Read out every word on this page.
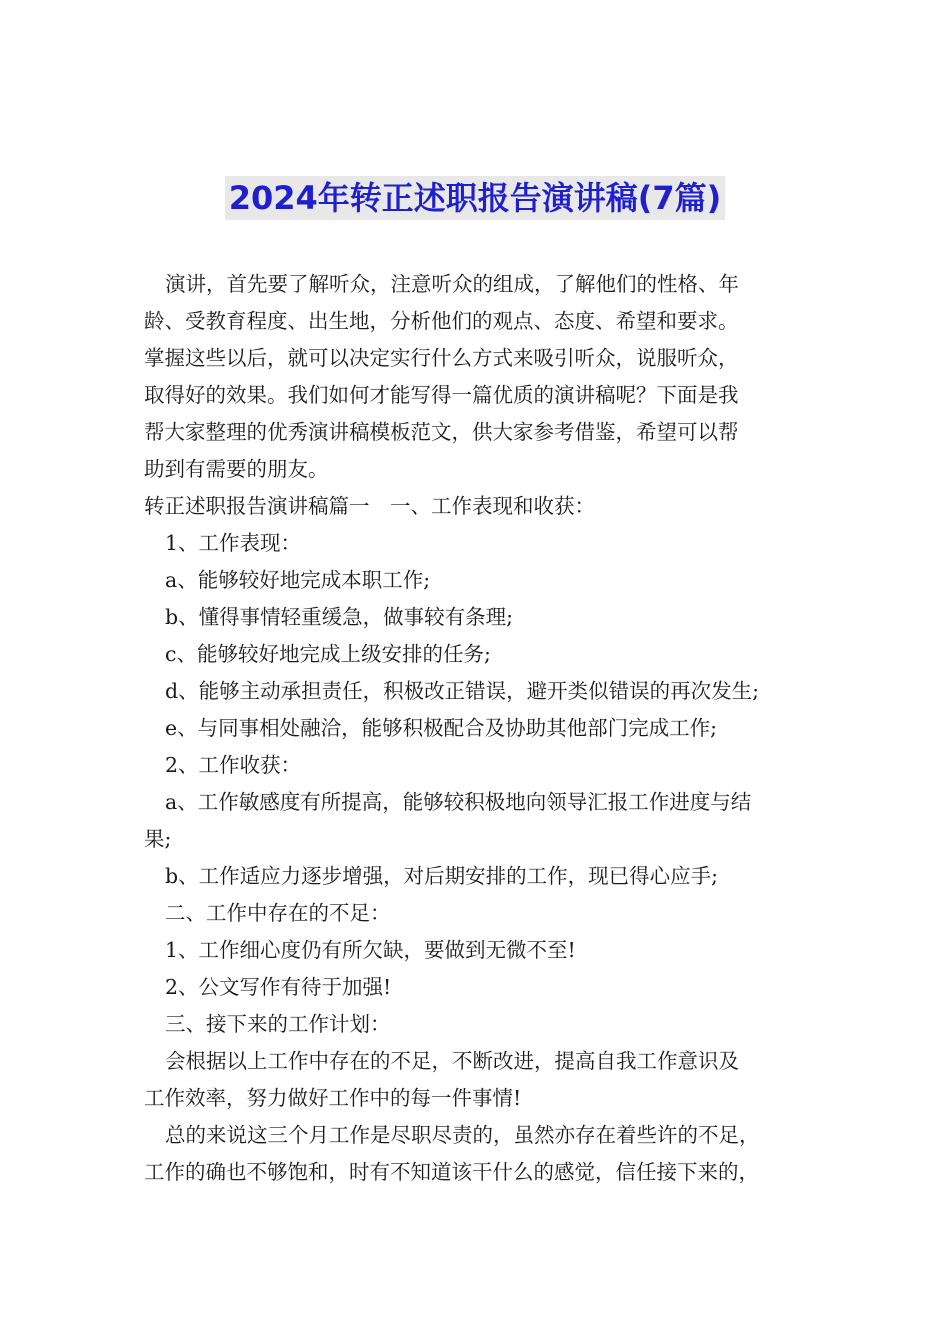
2024年转正述职报告演讲稿(7篇)
演讲，首先要了解听众，注意听众的组成，了解他们的性格、年
龄、受教育程度、出生地，分析他们的观点、态度、希望和要求。
掌握这些以后，就可以决定实行什么方式来吸引听众，说服听众，
取得好的效果。我们如何才能写得一篇优质的演讲稿呢？下面是我
帮大家整理的优秀演讲稿模板范文，供大家参考借鉴，希望可以帮
助到有需要的朋友。
转正述职报告演讲稿篇一　一、工作表现和收获：
1、工作表现：
a、能够较好地完成本职工作;
b、懂得事情轻重缓急，做事较有条理;
c、能够较好地完成上级安排的任务;
d、能够主动承担责任，积极改正错误，避开类似错误的再次发生;
e、与同事相处融洽，能够积极配合及协助其他部门完成工作;
2、工作收获：
a、工作敏感度有所提高，能够较积极地向领导汇报工作进度与结
果;
b、工作适应力逐步增强，对后期安排的工作，现已得心应手;
二、工作中存在的不足：
1、工作细心度仍有所欠缺，要做到无微不至!
2、公文写作有待于加强!
三、接下来的工作计划：
会根据以上工作中存在的不足，不断改进，提高自我工作意识及
工作效率，努力做好工作中的每一件事情!
总的来说这三个月工作是尽职尽责的，虽然亦存在着些许的不足，
工作的确也不够饱和，时有不知道该干什么的感觉，信任接下来的，
